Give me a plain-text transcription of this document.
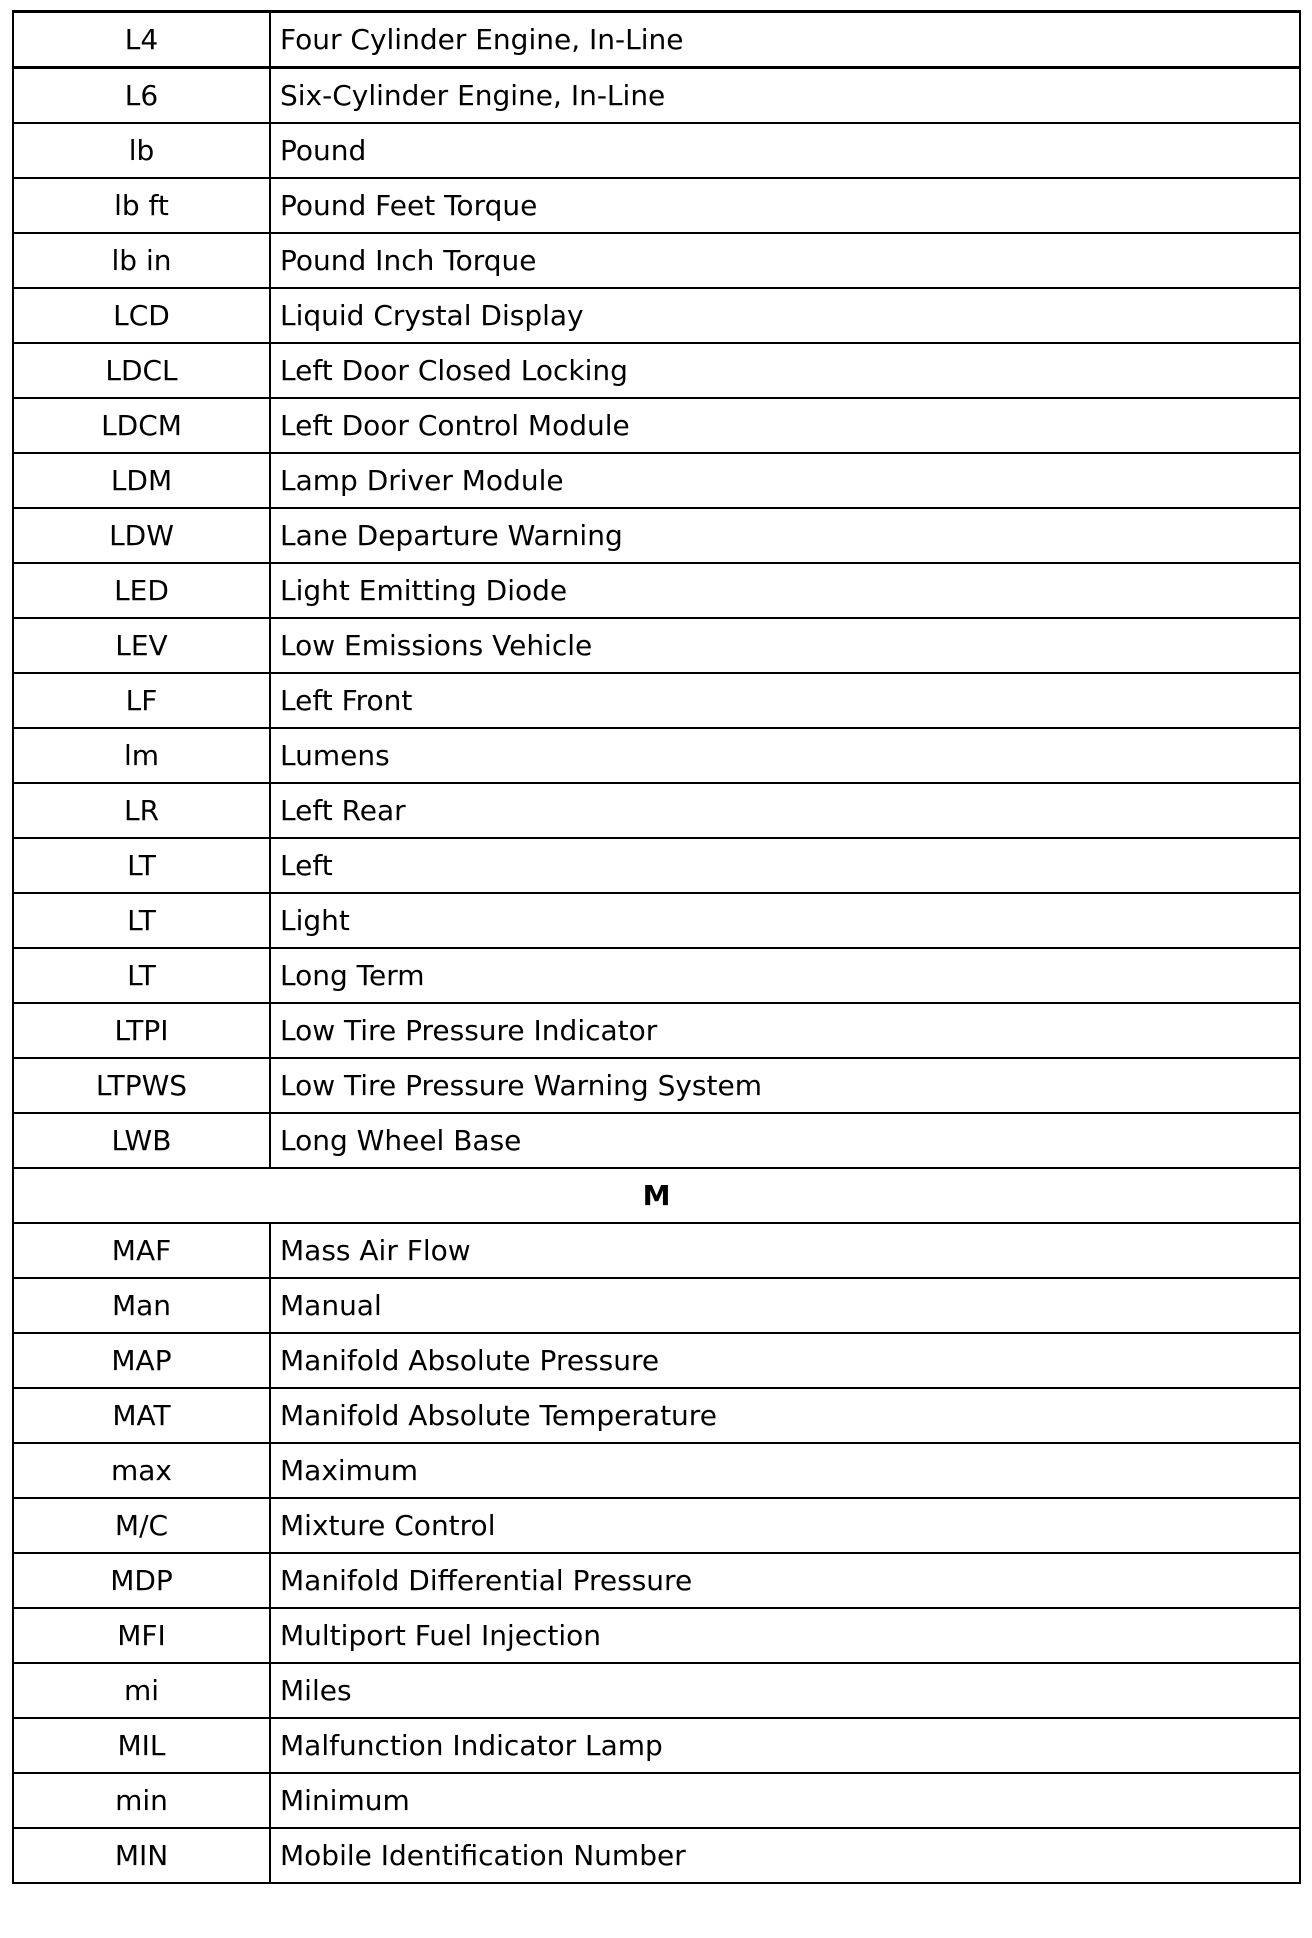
L4	Four Cylinder Engine, In-Line
L6	Six-Cylinder Engine, In-Line
lb	Pound
lb ft	Pound Feet Torque
lb in	Pound Inch Torque
LCD	Liquid Crystal Display
LDCL	Left Door Closed Locking
LDCM	Left Door Control Module
LDM	Lamp Driver Module
LDW	Lane Departure Warning
LED	Light Emitting Diode
LEV	Low Emissions Vehicle
LF	Left Front
lm	Lumens
LR	Left Rear
LT	Left
LT	Light
LT	Long Term
LTPI	Low Tire Pressure Indicator
LTPWS	Low Tire Pressure Warning System
LWB	Long Wheel Base
M	
MAF	Mass Air Flow
Man	Manual
MAP	Manifold Absolute Pressure
MAT	Manifold Absolute Temperature
max	Maximum
M/C	Mixture Control
MDP	Manifold Differential Pressure
MFI	Multiport Fuel Injection
mi	Miles
MIL	Malfunction Indicator Lamp
min	Minimum
MIN	Mobile Identification Number
